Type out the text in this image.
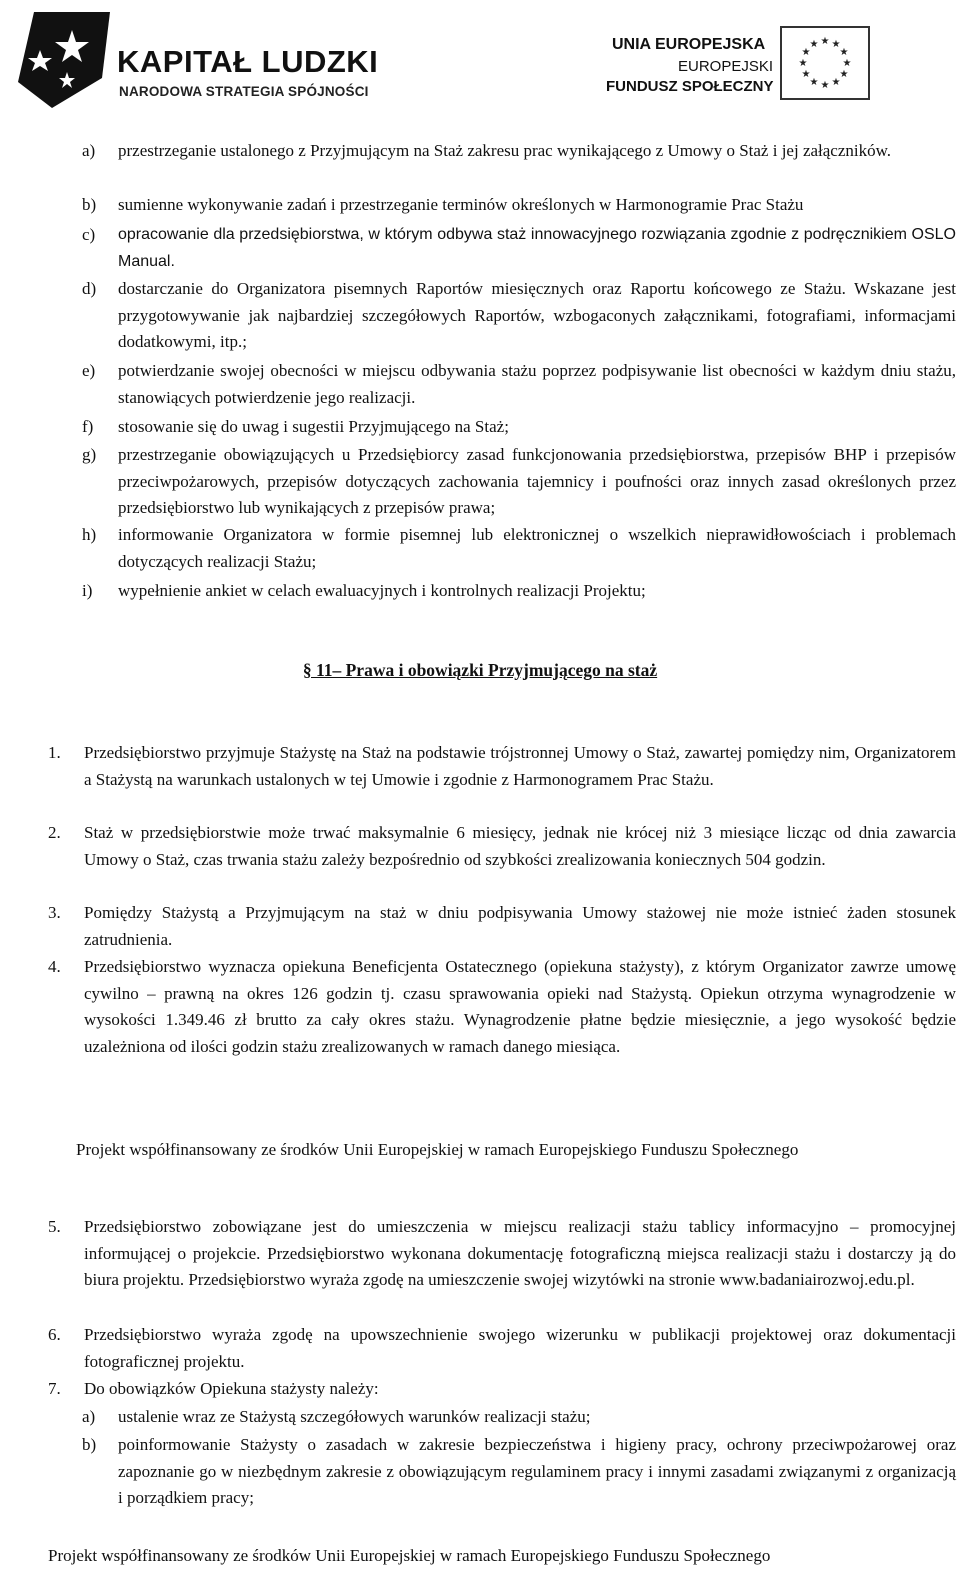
KAPITAŁ LUDZKI
NARODOWA STRATEGIA SPÓJNOŚCI
UNIA EUROPEJSKA
EUROPEJSKI
FUNDUSZ SPOŁECZNY
★ ★
★
★
★
★
★
★
★
★
★
★
a) przestrzeganie ustalonego z Przyjmującym na Staż zakresu prac wynikającego z Umowy o Staż i jej załączników.
b) sumienne wykonywanie zadań i przestrzeganie terminów określonych w Harmonogramie Prac Stażu
c) opracowanie dla przedsiębiorstwa, w którym odbywa staż innowacyjnego rozwiązania zgodnie z podręcznikiem OSLO Manual.
d) dostarczanie do Organizatora pisemnych Raportów miesięcznych oraz Raportu końcowego ze Stażu. Wskazane jest przygotowywanie jak najbardziej szczegółowych Raportów, wzbogaconych załącznikami, fotografiami, informacjami dodatkowymi, itp.;
e) potwierdzanie swojej obecności w miejscu odbywania stażu poprzez podpisywanie list obecności w każdym dniu stażu, stanowiących potwierdzenie jego realizacji.
f) stosowanie się do uwag i sugestii Przyjmującego na Staż;
g) przestrzeganie obowiązujących u Przedsiębiorcy zasad funkcjonowania przedsiębiorstwa, przepisów BHP i przepisów przeciwpożarowych, przepisów dotyczących zachowania tajemnicy i poufności oraz innych zasad określonych przez przedsiębiorstwo lub wynikających z przepisów prawa;
h) informowanie Organizatora w formie pisemnej lub elektronicznej o wszelkich nieprawidłowościach i problemach dotyczących realizacji Stażu;
i) wypełnienie ankiet w celach ewaluacyjnych i kontrolnych realizacji Projektu;
§ 11– Prawa i obowiązki Przyjmującego na staż
1. Przedsiębiorstwo przyjmuje Stażystę na Staż na podstawie trójstronnej Umowy o Staż, zawartej pomiędzy nim, Organizatorem a Stażystą na warunkach ustalonych w tej Umowie i zgodnie z Harmonogramem Prac Stażu.
2. Staż w przedsiębiorstwie może trwać maksymalnie 6 miesięcy, jednak nie krócej niż 3 miesiące licząc od dnia zawarcia Umowy o Staż, czas trwania stażu zależy bezpośrednio od szybkości zrealizowania koniecznych 504 godzin.
3. Pomiędzy Stażystą a Przyjmującym na staż w dniu podpisywania Umowy stażowej nie może istnieć żaden stosunek zatrudnienia.
4. Przedsiębiorstwo wyznacza opiekuna Beneficjenta Ostatecznego (opiekuna stażysty), z którym Organizator zawrze umowę cywilno – prawną na okres 126 godzin tj. czasu sprawowania opieki nad Stażystą. Opiekun otrzyma wynagrodzenie w wysokości 1.349.46 zł brutto za cały okres stażu. Wynagrodzenie płatne będzie miesięcznie, a jego wysokość będzie uzależniona od ilości godzin stażu zrealizowanych w ramach danego miesiąca.
Projekt współfinansowany ze środków Unii Europejskiej w ramach Europejskiego Funduszu Społecznego
5. Przedsiębiorstwo zobowiązane jest do umieszczenia w miejscu realizacji stażu tablicy informacyjno – promocyjnej informującej o projekcie. Przedsiębiorstwo wykonana dokumentację fotograficzną miejsca realizacji stażu i dostarczy ją do biura projektu. Przedsiębiorstwo wyraża zgodę na umieszczenie swojej wizytówki na stronie www.badaniairozwoj.edu.pl.
6. Przedsiębiorstwo wyraża zgodę na upowszechnienie swojego wizerunku w publikacji projektowej oraz dokumentacji fotograficznej projektu.
7. Do obowiązków Opiekuna stażysty należy:
a) ustalenie wraz ze Stażystą szczegółowych warunków realizacji stażu;
b) poinformowanie Stażysty o zasadach w zakresie bezpieczeństwa i higieny pracy, ochrony przeciwpożarowej oraz zapoznanie go w niezbędnym zakresie z obowiązującym regulaminem pracy i innymi zasadami związanymi z organizacją i porządkiem pracy;
Projekt współfinansowany ze środków Unii Europejskiej w ramach Europejskiego Funduszu Społecznego
